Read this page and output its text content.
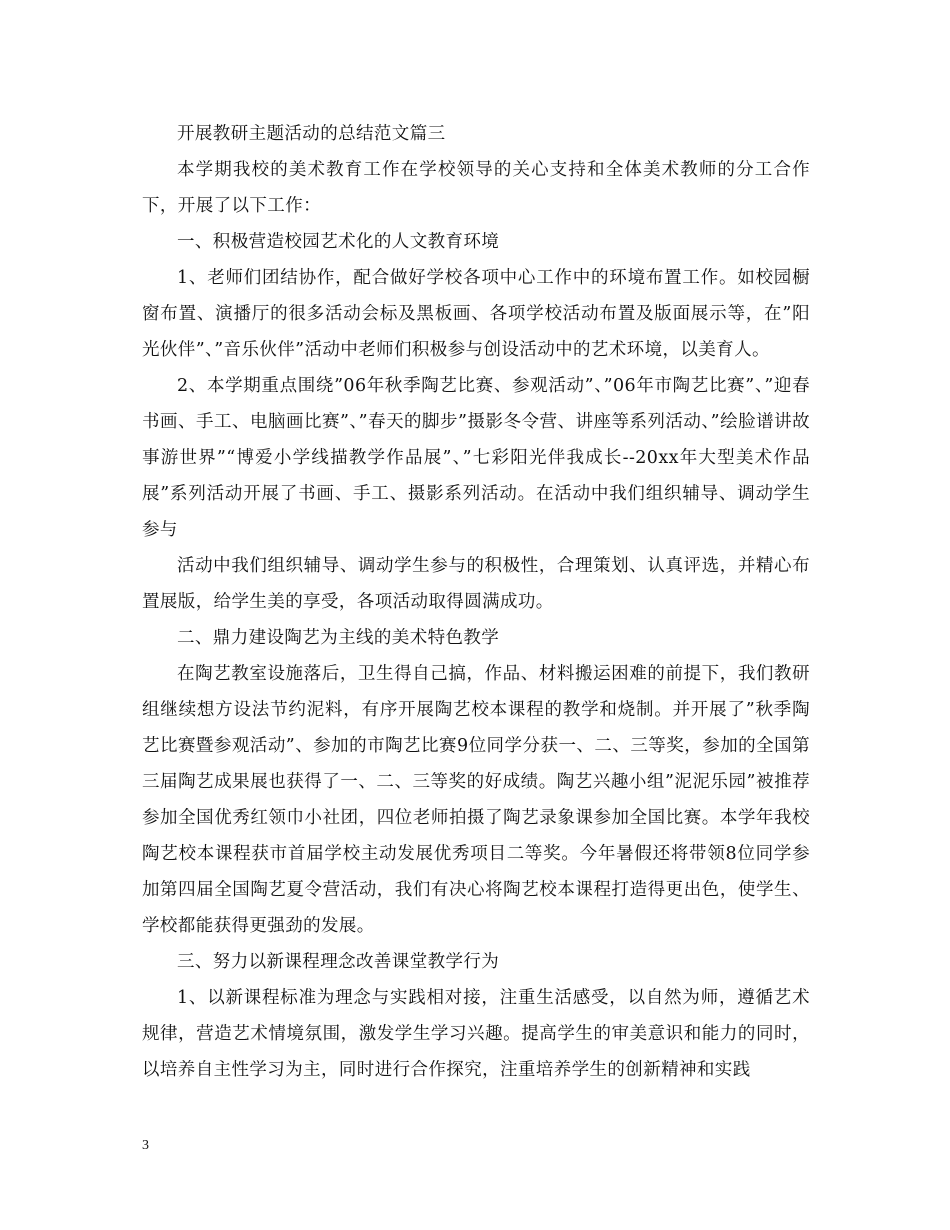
开展教研主题活动的总结范文篇三

本学期我校的美术教育工作在学校领导的关心支持和全体美术教师的分工合作下，开展了以下工作：

一、积极营造校园艺术化的人文教育环境

1、老师们团结协作，配合做好学校各项中心工作中的环境布置工作。如校园橱窗布置、演播厅的很多活动会标及黑板画、各项学校活动布置及版面展示等，在”阳光伙伴”、”音乐伙伴”活动中老师们积极参与创设活动中的艺术环境，以美育人。

2、本学期重点围绕”06年秋季陶艺比赛、参观活动”、”06年市陶艺比赛”、”迎春书画、手工、电脑画比赛”、”春天的脚步”摄影冬令营、讲座等系列活动、”绘脸谱讲故事游世界”“博爱小学线描教学作品展”、”七彩阳光伴我成长--20xx年大型美术作品展”系列活动开展了书画、手工、摄影系列活动。在活动中我们组织辅导、调动学生参与

活动中我们组织辅导、调动学生参与的积极性，合理策划、认真评选，并精心布置展版，给学生美的享受，各项活动取得圆满成功。

二、鼎力建设陶艺为主线的美术特色教学

在陶艺教室设施落后，卫生得自己搞，作品、材料搬运困难的前提下，我们教研组继续想方设法节约泥料，有序开展陶艺校本课程的教学和烧制。并开展了”秋季陶艺比赛暨参观活动”、参加的市陶艺比赛9位同学分获一、二、三等奖，参加的全国第三届陶艺成果展也获得了一、二、三等奖的好成绩。陶艺兴趣小组”泥泥乐园”被推荐参加全国优秀红领巾小社团，四位老师拍摄了陶艺录象课参加全国比赛。本学年我校陶艺校本课程获市首届学校主动发展优秀项目二等奖。今年暑假还将带领8位同学参加第四届全国陶艺夏令营活动，我们有决心将陶艺校本课程打造得更出色，使学生、学校都能获得更强劲的发展。

三、努力以新课程理念改善课堂教学行为

1、以新课程标准为理念与实践相对接，注重生活感受，以自然为师，遵循艺术规律，营造艺术情境氛围，激发学生学习兴趣。提高学生的审美意识和能力的同时，以培养自主性学习为主，同时进行合作探究，注重培养学生的创新精神和实践

3
